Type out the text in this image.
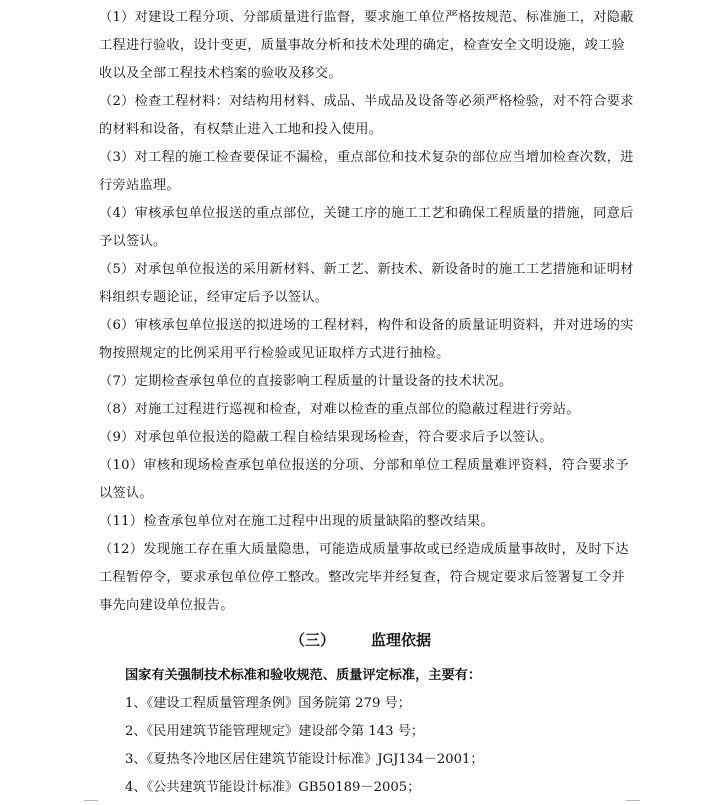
（1）对建设工程分项、分部质量进行监督，要求施工单位严格按规范、标准施工，对隐蔽工程进行验收，设计变更，质量事故分析和技术处理的确定，检查安全文明设施，竣工验收以及全部工程技术档案的验收及移交。

（2）检查工程材料：对结构用材料、成品、半成品及设备等必须严格检验，对不符合要求的材料和设备，有权禁止进入工地和投入使用。

（3）对工程的施工检查要保证不漏检，重点部位和技术复杂的部位应当增加检查次数，进行旁站监理。

（4）审核承包单位报送的重点部位，关键工序的施工工艺和确保工程质量的措施，同意后予以签认。

（5）对承包单位报送的采用新材料、新工艺、新技术、新设备时的施工工艺措施和证明材料组织专题论证，经审定后予以签认。

（6）审核承包单位报送的拟进场的工程材料，构件和设备的质量证明资料，并对进场的实物按照规定的比例采用平行检验或见证取样方式进行抽检。

（7）定期检查承包单位的直接影响工程质量的计量设备的技术状况。

（8）对施工过程进行巡视和检查，对难以检查的重点部位的隐蔽过程进行旁站。

（9）对承包单位报送的隐蔽工程自检结果现场检查，符合要求后予以签认。

（10）审核和现场检查承包单位报送的分项、分部和单位工程质量难评资料，符合要求予以签认。

（11）检查承包单位对在施工过程中出现的质量缺陷的整改结果。

（12）发现施工存在重大质量隐患，可能造成质量事故或已经造成质量事故时，及时下达工程暂停令，要求承包单位停工整改。整改完毕并经复查，符合规定要求后签署复工令并事先向建设单位报告。

（三） 监理依据
国家有关强制技术标准和验收规范、质量评定标准，主要有：
1、《建设工程质量管理条例》国务院第 279 号；
2、《民用建筑节能管理规定》建设部令第 143 号；
3、《夏热冬冷地区居住建筑节能设计标准》JGJ134－2001；
4、《公共建筑节能设计标准》GB50189－2005；
